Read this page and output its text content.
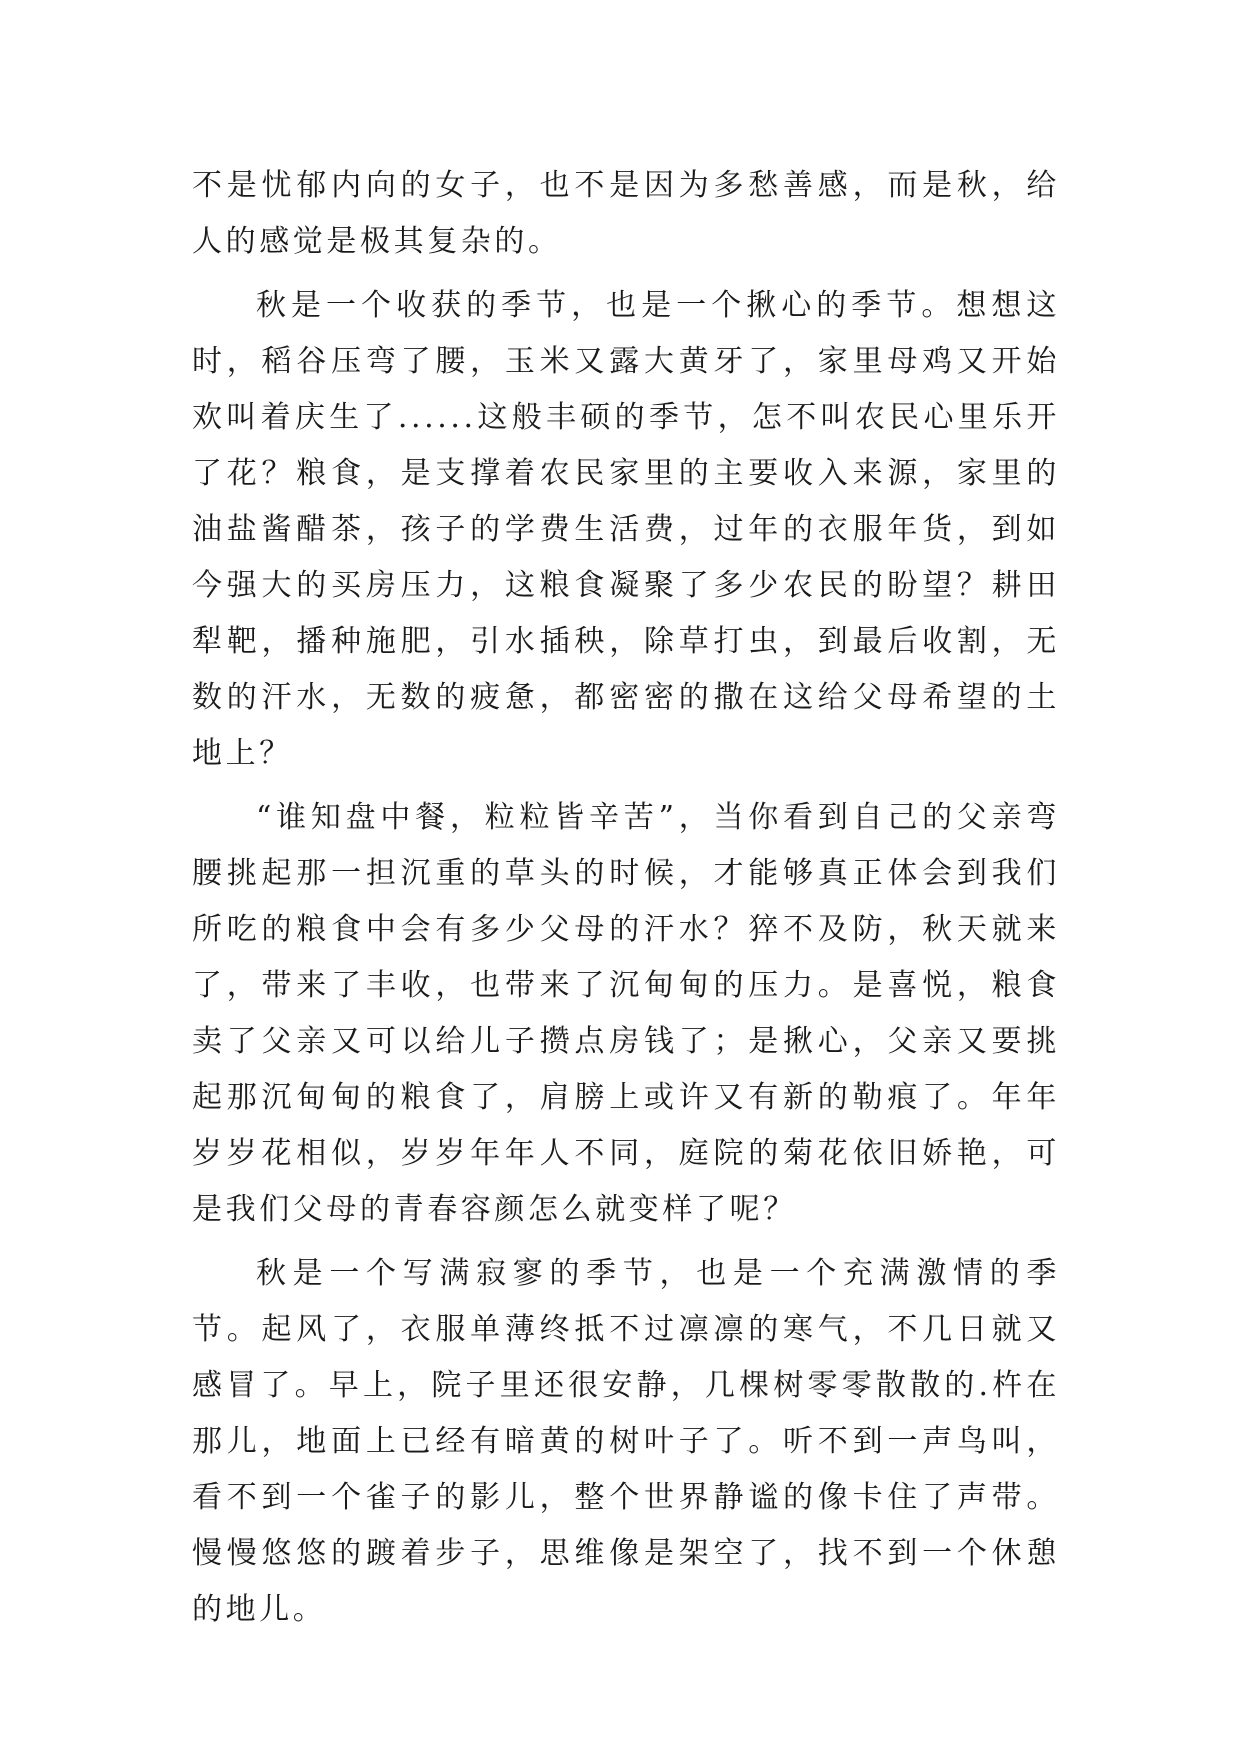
不是忧郁内向的女子，也不是因为多愁善感，而是秋，给人的感觉是极其复杂的。

秋是一个收获的季节，也是一个揪心的季节。想想这时，稻谷压弯了腰，玉米又露大黄牙了，家里母鸡又开始欢叫着庆生了......这般丰硕的季节，怎不叫农民心里乐开了花？粮食，是支撑着农民家里的主要收入来源，家里的油盐酱醋茶，孩子的学费生活费，过年的衣服年货，到如今强大的买房压力，这粮食凝聚了多少农民的盼望？耕田犁靶，播种施肥，引水插秧，除草打虫，到最后收割，无数的汗水，无数的疲惫，都密密的撒在这给父母希望的土地上？

“谁知盘中餐，粒粒皆辛苦”，当你看到自己的父亲弯腰挑起那一担沉重的草头的时候，才能够真正体会到我们所吃的粮食中会有多少父母的汗水？猝不及防，秋天就来了，带来了丰收，也带来了沉甸甸的压力。是喜悦，粮食卖了父亲又可以给儿子攒点房钱了；是揪心，父亲又要挑起那沉甸甸的粮食了，肩膀上或许又有新的勒痕了。年年岁岁花相似，岁岁年年人不同，庭院的菊花依旧娇艳，可是我们父母的青春容颜怎么就变样了呢？

秋是一个写满寂寥的季节，也是一个充满激情的季节。起风了，衣服单薄终抵不过凛凛的寒气，不几日就又感冒了。早上，院子里还很安静，几棵树零零散散的.杵在那儿，地面上已经有暗黄的树叶子了。听不到一声鸟叫，看不到一个雀子的影儿，整个世界静谧的像卡住了声带。慢慢悠悠的踱着步子，思维像是架空了，找不到一个休憩的地儿。
